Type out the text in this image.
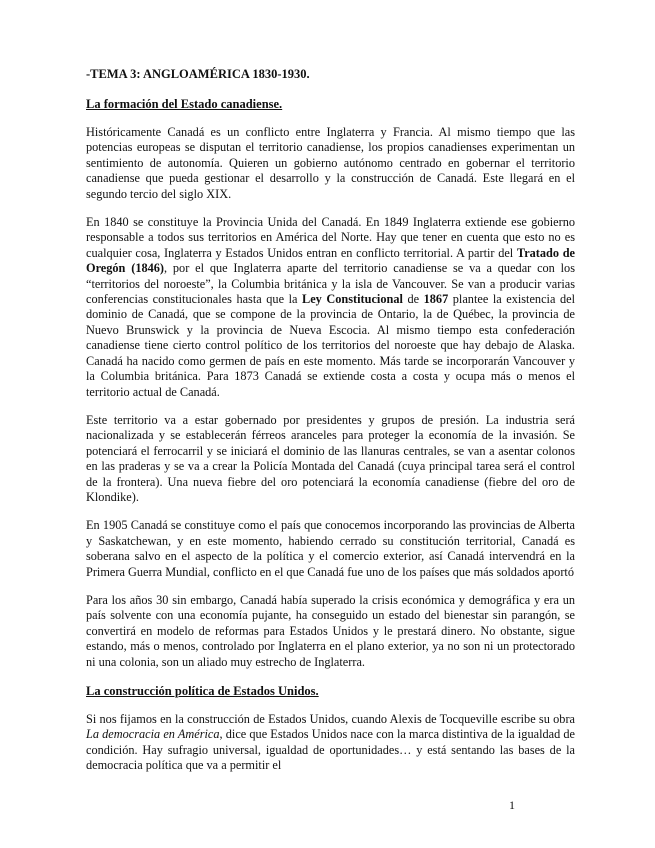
-TEMA 3: ANGLOAMÉRICA 1830-1930.
La formación del Estado canadiense.

Históricamente Canadá es un conflicto entre Inglaterra y Francia. Al mismo tiempo que las potencias europeas se disputan el territorio canadiense, los propios canadienses experimentan un sentimiento de autonomía. Quieren un gobierno autónomo centrado en gobernar el territorio canadiense que pueda gestionar el desarrollo y la construcción de Canadá. Este llegará en el segundo tercio del siglo XIX.

En 1840 se constituye la Provincia Unida del Canadá. En 1849 Inglaterra extiende ese gobierno responsable a todos sus territorios en América del Norte. Hay que tener en cuenta que esto no es cualquier cosa, Inglaterra y Estados Unidos entran en conflicto territorial. A partir del Tratado de Oregón (1846), por el que Inglaterra aparte del territorio canadiense se va a quedar con los “territorios del noroeste”, la Columbia británica y la isla de Vancouver. Se van a producir varias conferencias constitucionales hasta que la Ley Constitucional de 1867 plantee la existencia del dominio de Canadá, que se compone de la provincia de Ontario, la de Québec, la provincia de Nuevo Brunswick y la provincia de Nueva Escocia. Al mismo tiempo esta confederación canadiense tiene cierto control político de los territorios del noroeste que hay debajo de Alaska. Canadá ha nacido como germen de país en este momento. Más tarde se incorporarán Vancouver y la Columbia británica. Para 1873 Canadá se extiende costa a costa y ocupa más o menos el territorio actual de Canadá.

Este territorio va a estar gobernado por presidentes y grupos de presión. La industria será nacionalizada y se establecerán férreos aranceles para proteger la economía de la invasión. Se potenciará el ferrocarril y se iniciará el dominio de las llanuras centrales, se van a asentar colonos en las praderas y se va a crear la Policía Montada del Canadá (cuya principal tarea será el control de la frontera). Una nueva fiebre del oro potenciará la economía canadiense (fiebre del oro de Klondike).

En 1905 Canadá se constituye como el país que conocemos incorporando las provincias de Alberta y Saskatchewan, y en este momento, habiendo cerrado su constitución territorial, Canadá es soberana salvo en el aspecto de la política y el comercio exterior, así Canadá intervendrá en la Primera Guerra Mundial, conflicto en el que Canadá fue uno de los países que más soldados aportó

Para los años 30 sin embargo, Canadá había superado la crisis económica y demográfica y era un país solvente con una economía pujante, ha conseguido un estado del bienestar sin parangón, se convertirá en modelo de reformas para Estados Unidos y le prestará dinero. No obstante, sigue estando, más o menos, controlado por Inglaterra en el plano exterior, ya no son ni un protectorado ni una colonia, son un aliado muy estrecho de Inglaterra.

La construcción política de Estados Unidos.

Si nos fijamos en la construcción de Estados Unidos, cuando Alexis de Tocqueville escribe su obra La democracia en América, dice que Estados Unidos nace con la marca distintiva de la igualdad de condición. Hay sufragio universal, igualdad de oportunidades… y está sentando las bases de la democracia política que va a permitir el

1
